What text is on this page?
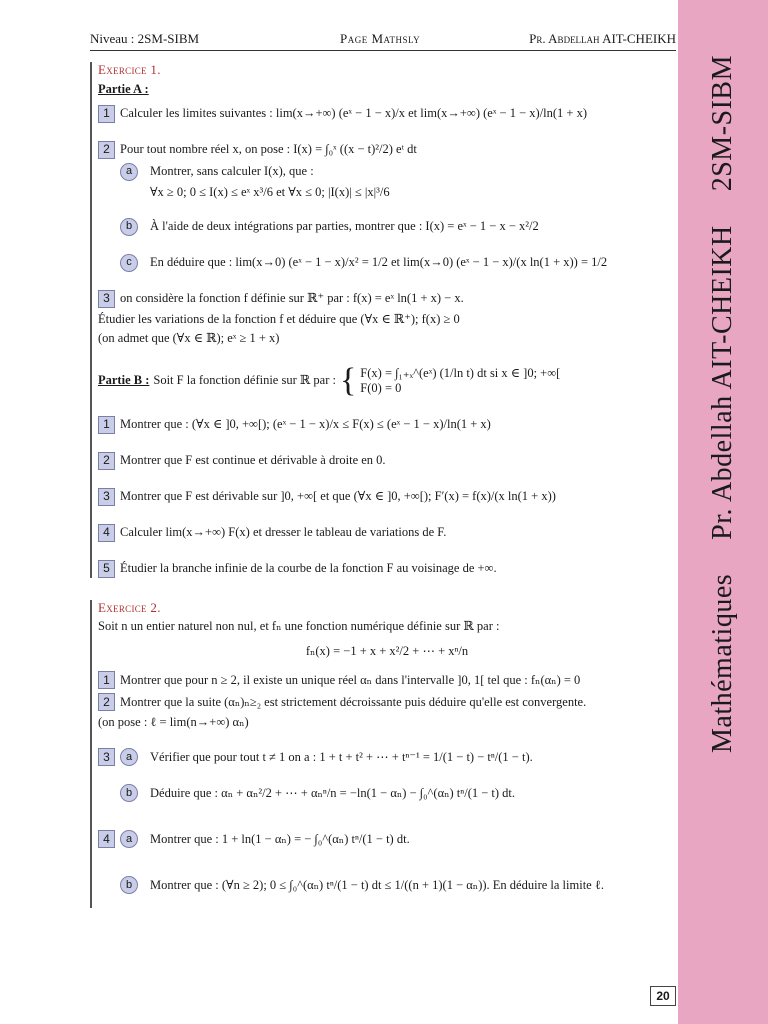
Niveau : 2SM-SIBM	Page Mathsly	Pr. Abdellah AIT-CHEIKH
Mathématiques
Pr. Abdellah AIT-CHEIKH
2SM-SIBM
Exercice 1.
Partie A :
1 Calculer les limites suivantes : lim(x→+∞) (eˣ − 1 − x)/x et lim(x→+∞) (eˣ − 1 − x)/ln(1 + x)
2 Pour tout nombre réel x, on pose : I(x) = ∫₀ˣ ((x − t)²/2) eᵗ dt
a	Montrer, sans calculer I(x), que :
∀x ≥ 0; 0 ≤ I(x) ≤ eˣ x³/6 et ∀x ≤ 0; |I(x)| ≤ |x|³/6
b	À l'aide de deux intégrations par parties, montrer que : I(x) = eˣ − 1 − x − x²/2
c	En déduire que : lim(x→0) (eˣ − 1 − x)/x² = 1/2 et lim(x→0) (eˣ − 1 − x)/(x ln(1 + x)) = 1/2
3 on considère la fonction f définie sur ℝ⁺ par : f(x) = eˣ ln(1 + x) − x.
Étudier les variations de la fonction f et déduire que (∀x ∈ ℝ⁺); f(x) ≥ 0
(on admet que (∀x ∈ ℝ); eˣ ≥ 1 + x)
Partie B : Soit F la fonction définie sur ℝ par : { F(x) = ∫₁₊ₓ^(eˣ) (1/ln t) dt si x ∈ ]0; +∞[
F(0) = 0
1 Montrer que : (∀x ∈ ]0, +∞[); (eˣ − 1 − x)/x ≤ F(x) ≤ (eˣ − 1 − x)/ln(1 + x)
2 Montrer que F est continue et dérivable à droite en 0.
3 Montrer que F est dérivable sur ]0, +∞[ et que (∀x ∈ ]0, +∞[); F′(x) = f(x)/(x ln(1 + x))
4 Calculer lim(x→+∞) F(x) et dresser le tableau de variations de F.
5 Étudier la branche infinie de la courbe de la fonction F au voisinage de +∞.
Exercice 2.
Soit n un entier naturel non nul, et fₙ une fonction numérique définie sur ℝ par :
fₙ(x) = −1 + x + x²/2 + ⋯ + xⁿ/n
1 Montrer que pour n ≥ 2, il existe un unique réel αₙ dans l'intervalle ]0, 1[ tel que : fₙ(αₙ) = 0
2 Montrer que la suite (αₙ)ₙ≥₂ est strictement décroissante puis déduire qu'elle est convergente.
(on pose : ℓ = lim(n→+∞) αₙ)
3	a	Vérifier que pour tout t ≠ 1 on a : 1 + t + t² + ⋯ + tⁿ⁻¹ = 1/(1 − t) − tⁿ/(1 − t).
b	Déduire que : αₙ + αₙ²/2 + ⋯ + αₙⁿ/n = −ln(1 − αₙ) − ∫₀^(αₙ) tⁿ/(1 − t) dt.
4	a	Montrer que : 1 + ln(1 − αₙ) = − ∫₀^(αₙ) tⁿ/(1 − t) dt.
b	Montrer que : (∀n ≥ 2); 0 ≤ ∫₀^(αₙ) tⁿ/(1 − t) dt ≤ 1/((n + 1)(1 − αₙ)). En déduire la limite ℓ.
20
